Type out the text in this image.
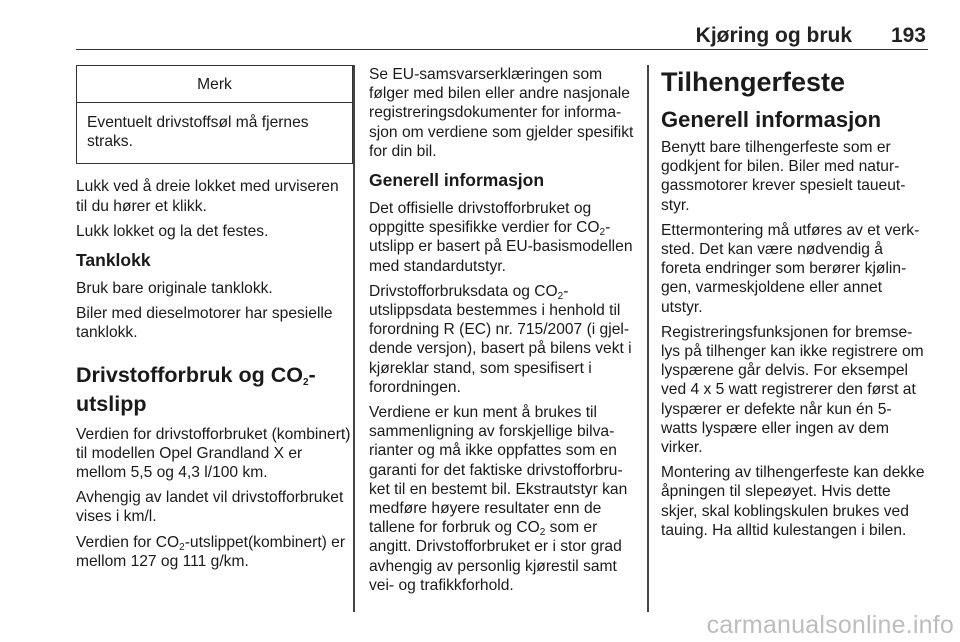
Kjøring og bruk 193
Merk
Eventuelt drivstoffsøl må fjernes straks.

Lukk ved å dreie lokket med urviseren til du hører et klikk.

Lukk lokket og la det festes.

Tanklokk

Bruk bare originale tanklokk.

Biler med dieselmotorer har spesielle tanklokk.

Drivstofforbruk og $CO_2$-utslipp

Verdien for drivstofforbruket (kombinert) til modellen Opel Grandland X er mellom 5,5 og 4,3 l/100 km.

Avhengig av landet vil drivstofforbruket vises i km/l.

Verdien for $CO_2-utslippet(kombinert)$ er mellom 127 og 111 g/km.

Se EU-samsvarserklæringen som følger med bilen eller andre nasjonale registreringsdokumenter for informasjon om verdiene som gjelder spesifikt for din bil.

Generell informasjon

Det offisielle drivstofforbruket og oppgitte spesifikke verdier for $CO_2$-utslipp er basert på EU-basismodellen med standardutstyr.

Drivstofforbruksdata og $CO_2$-utslippsdata bestemmes i henhold til forordning R (EC) nr. 715/2007 (i gjeldende versjon), basert på bilens vekt i kjøreklar stand, som spesifisert i forordningen.

Verdiene er kun ment å brukes til sammenligning av forskjellige bilvarianter og må ikke oppfattes som en garanti for det faktiske drivstofforbruket til en bestemt bil. Ekstrautstyr kan medføre høyere resultater enn de tallene for forbruk og $CO_2$ som er angitt. Drivstofforbruket er i stor grad avhengig av personlig kjørestil samt vei- og trafikkforhold.

Tilhengerfeste
Generell informasjon

Benytt bare tilhengerfeste som er godkjent for bilen. Biler med naturgassmotorer krever spesielt taueutstyr.

Ettermontering må utføres av et verksted. Det kan være nødvendig å foreta endringer som berører kjølingen, varmeskjoldene eller annet utstyr.

Registreringsfunksjonen for bremselys på tilhenger kan ikke registrere om lyspærene går delvis. For eksempel ved 4 x 5 watt registrerer den først at lyspærer er defekte når kun én 5-watts lyspære eller ingen av dem virker.

Montering av tilhengerfeste kan dekke åpningen til slepeøyet. Hvis dette skjer, skal koblingskulen brukes ved tauing. Ha alltid kulestangen i bilen.

carmanualsonline.info
